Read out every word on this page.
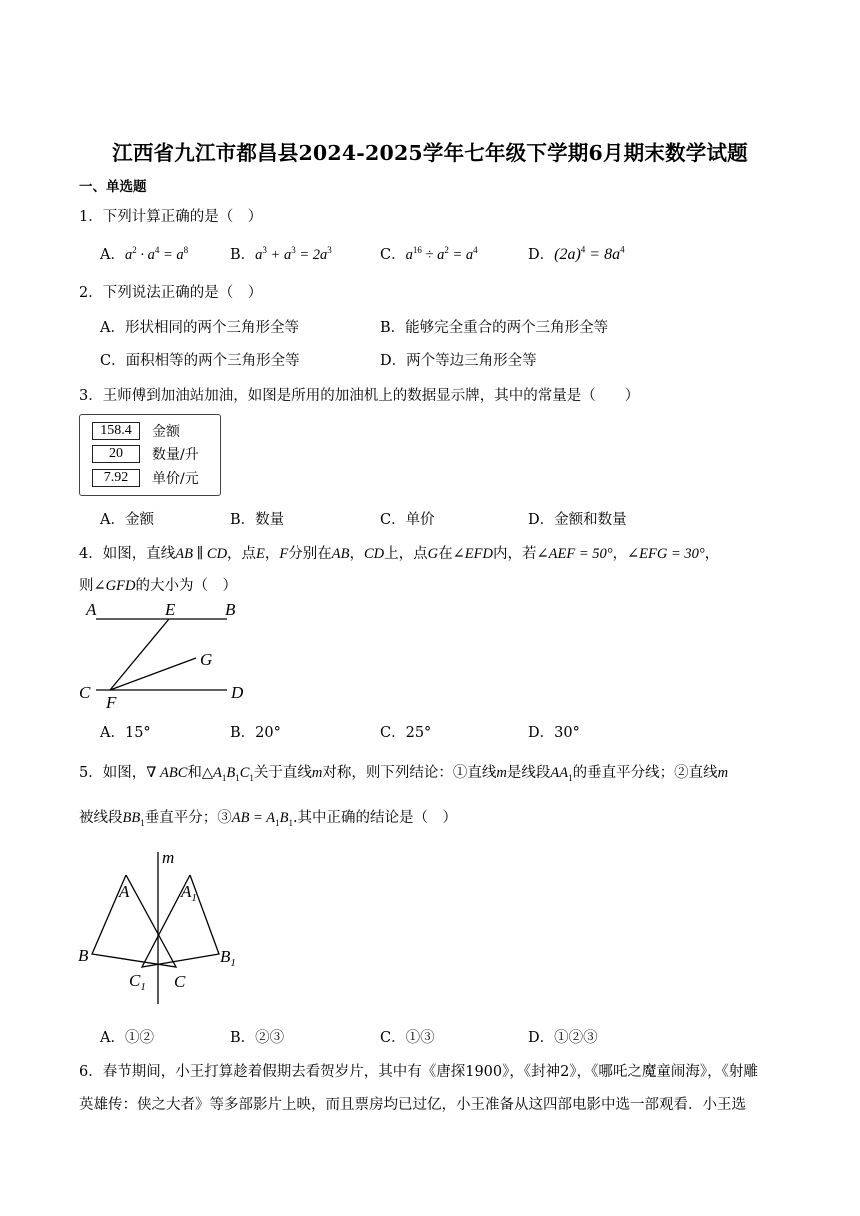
江西省九江市都昌县2024-2025学年七年级下学期6月期末数学试题
一、单选题
1．下列计算正确的是（　）
A．$a^2 \cdot a^4 = a^8$	B．$a^3 + a^3 = 2a^3$	C．$a^{16} \div a^2 = a^4$	D．$(2a)^4 = 8a^4$
2．下列说法正确的是（　）
A．形状相同的两个三角形全等	B．能够完全重合的两个三角形全等
C．面积相等的两个三角形全等	D．两个等边三角形全等
3．王师傅到加油站加油，如图是所用的加油机上的数据显示牌，其中的常量是（　　）
158.4	金额
20	数量/升
7.92	单价/元
A．金额	B．数量	C．单价	D．金额和数量
4．如图，直线AB ∥ CD，点E，F分别在AB，CD上，点G在∠EFD内，若∠AEF = 50°，∠EFG = 30°，
则∠GFD的大小为（　）
A	E	B
G
C
F
D
A．15°	B．20°	C．25°	D．30°
5．如图，∇ ABC和$\triangle A_1B_1C_1$关于直线m对称，则下列结论：①直线m是线段$AA_1$的垂直平分线；②直线m
被线段$BB_1$垂直平分；③AB = $A_1B_1$.其中正确的结论是（　）
m
A	$A_1$
B	$B_1$
$C_1$ C
A．①②	B．②③	C．①③	D．①②③
6．春节期间，小王打算趁着假期去看贺岁片，其中有《唐探1900》，《封神2》，《哪吒之魔童闹海》，《射雕
英雄传：侠之大者》等多部影片上映，而且票房均已过亿，小王准备从这四部电影中选一部观看．小王选
